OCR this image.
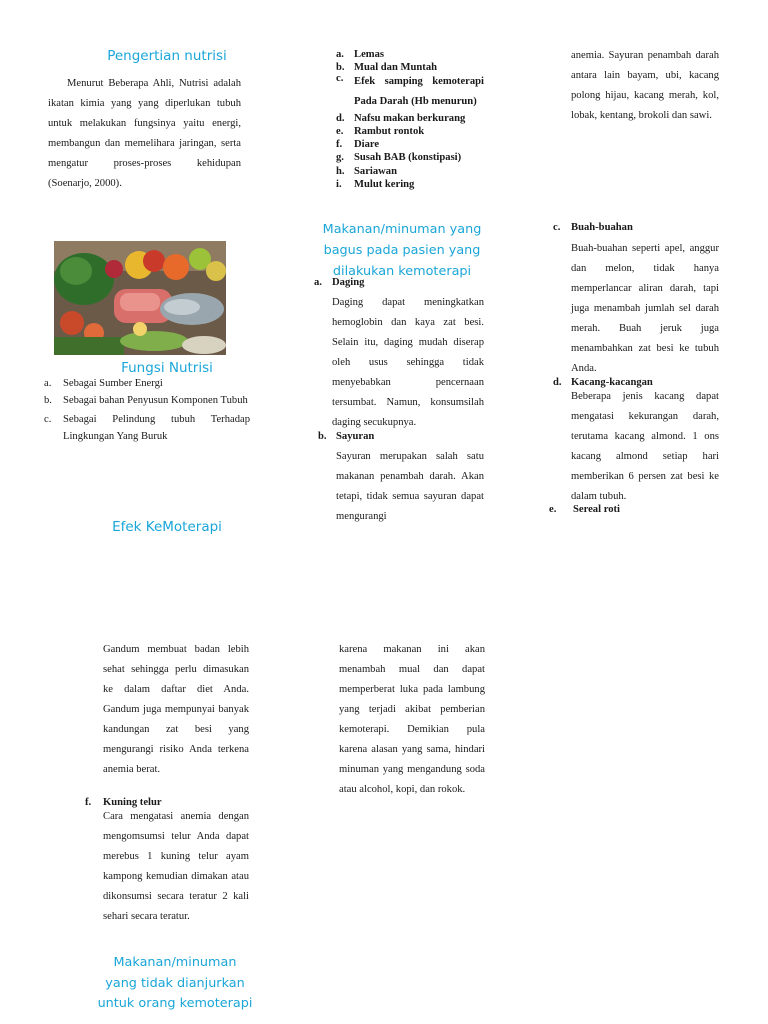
Pengertian nutrisi

Menurut Beberapa Ahli, Nutrisi adalah ikatan kimia yang yang diperlukan tubuh untuk melakukan fungsinya yaitu energi, membangun dan memelihara jaringan, serta mengatur proses-proses kehidupan (Soenarjo, 2000).

Fungsi Nutrisi
a. Sebagai Sumber Energi
b. Sebagai bahan Penyusun Komponen Tubuh
c. Sebagai Pelindung tubuh Terhadap Lingkungan Yang Buruk
Efek KeMoterapi
a. Lemas
b. Mual dan Muntah
c. Efek samping kemoterapi Pada Darah (Hb menurun)
d. Nafsu makan berkurang
e. Rambut rontok
f. Diare
g. Susah BAB (konstipasi)
h. Sariawan
i. Mulut kering
Makanan/minuman yang bagus pada pasien yang dilakukan kemoterapi
a. Daging

Daging dapat meningkatkan hemoglobin dan kaya zat besi. Selain itu, daging mudah diserap oleh usus sehingga tidak menyebabkan pencernaan tersumbat. Namun, konsumsilah daging secukupnya.

b. Sayuran

Sayuran merupakan salah satu makanan penambah darah. Akan tetapi, tidak semua sayuran dapat mengurangi

anemia. Sayuran penambah darah antara lain bayam, ubi, kacang polong hijau, kacang merah, kol, lobak, kentang, brokoli dan sawi.

c. Buah-buahan

Buah-buahan seperti apel, anggur dan melon, tidak hanya memperlancar aliran darah, tapi juga menambah jumlah sel darah merah. Buah jeruk juga menambahkan zat besi ke tubuh Anda.

d. Kacang-kacangan

Beberapa jenis kacang dapat mengatasi kekurangan darah, terutama kacang almond. 1 ons kacang almond setiap hari memberikan 6 persen zat besi ke dalam tubuh.

e. Sereal roti

Gandum membuat badan lebih sehat sehingga perlu dimasukan ke dalam daftar diet Anda. Gandum juga mempunyai banyak kandungan zat besi yang mengurangi risiko Anda terkena anemia berat.

f. Kuning telur

Cara mengatasi anemia dengan mengomsumsi telur Anda dapat merebus 1 kuning telur ayam kampong kemudian dimakan atau dikonsumsi secara teratur 2 kali sehari secara teratur.

Makanan/minuman yang tidak dianjurkan untuk orang kemoterapi

karena makanan ini akan menambah mual dan dapat memperberat luka pada lambung yang terjadi akibat pemberian kemoterapi. Demikian pula karena alasan yang sama, hindari minuman yang mengandung soda atau alcohol, kopi, dan rokok.
